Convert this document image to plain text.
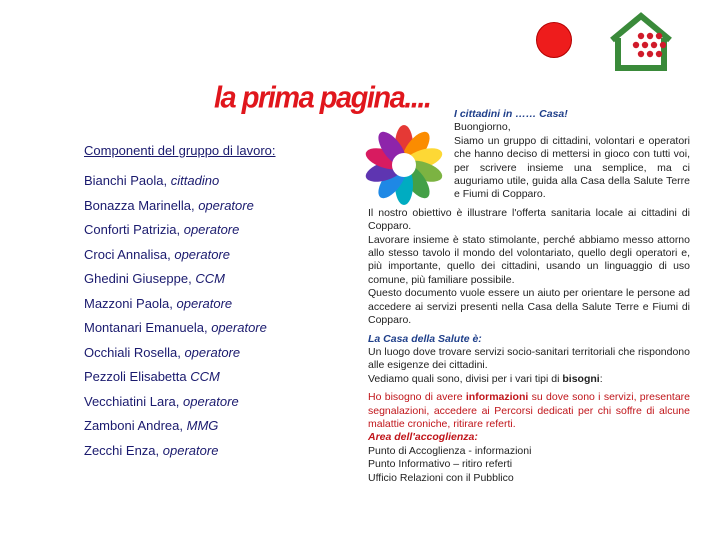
la prima pagina....
Componenti del gruppo di lavoro:
Bianchi Paola, cittadino
Bonazza Marinella, operatore
Conforti Patrizia, operatore
Croci Annalisa, operatore
Ghedini Giuseppe, CCM
Mazzoni Paola, operatore
Montanari Emanuela, operatore
Occhiali Rosella, operatore
Pezzoli Elisabetta CCM
Vecchiatini Lara, operatore
Zamboni Andrea, MMG
Zecchi Enza, operatore
I cittadini in …… Casa!
Buongiorno,
Siamo un gruppo di cittadini, volontari e operatori che hanno deciso di mettersi in gioco con tutti voi, per scrivere insieme una semplice, ma ci auguriamo utile, guida alla Casa della Salute Terre e Fiumi di Copparo.
Il nostro obiettivo è illustrare l'offerta sanitaria locale ai cittadini di Copparo.
Lavorare insieme è stato stimolante, perché abbiamo messo attorno allo stesso tavolo il mondo del volontariato, quello degli operatori e, più importante, quello dei cittadini, usando un linguaggio di uso comune, più familiare possibile.
Questo documento vuole essere un aiuto per orientare le persone ad accedere ai servizi presenti nella Casa della Salute Terre e Fiumi di Copparo.
La Casa della Salute è:
Un luogo dove trovare servizi socio-sanitari territoriali che rispondono alle esigenze dei cittadini.
Vediamo quali sono, divisi per i vari tipi di bisogni:
Ho bisogno di avere informazioni su dove sono i servizi, presentare segnalazioni, accedere ai Percorsi dedicati per chi soffre di alcune malattie croniche, ritirare referti.
Area dell'accoglienza:
Punto di Accoglienza - informazioni
Punto Informativo – ritiro referti
Ufficio Relazioni con il Pubblico
